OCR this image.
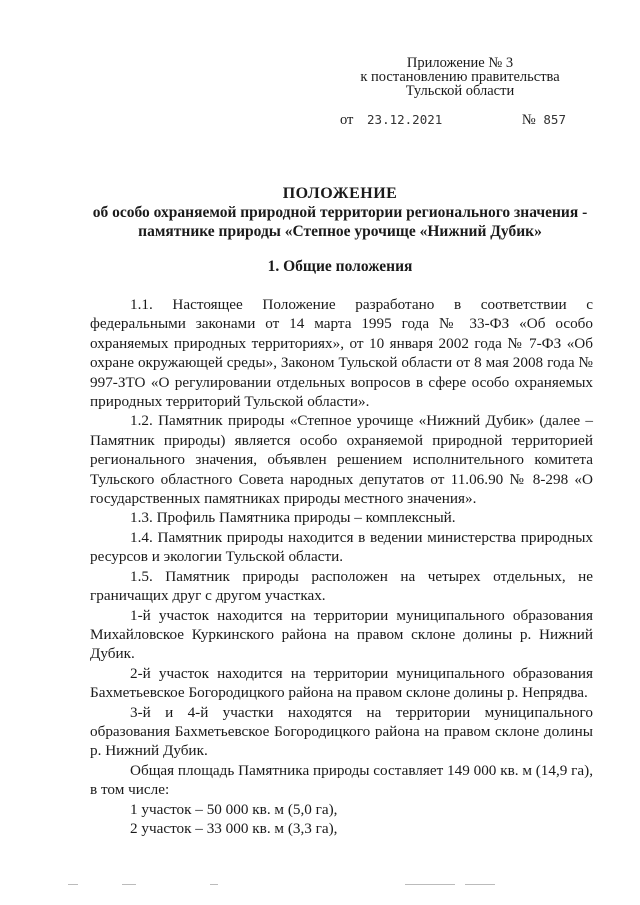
Приложение № 3
к постановлению правительства
Тульской области
от 23.12.2021	№ 857
ПОЛОЖЕНИЕ
об особо охраняемой природной территории регионального значения -
памятнике природы «Степное урочище «Нижний Дубик»
1. Общие положения

1.1. Настоящее Положение разработано в соответствии с федеральными законами от 14 марта 1995 года № 33-ФЗ «Об особо охраняемых природных территориях», от 10 января 2002 года № 7-ФЗ «Об охране окружающей среды», Законом Тульской области от 8 мая 2008 года № 997-ЗТО «О регулировании отдельных вопросов в сфере особо охраняемых природных территорий Тульской области».

1.2. Памятник природы «Степное урочище «Нижний Дубик» (далее – Памятник природы) является особо охраняемой природной территорией регионального значения, объявлен решением исполнительного комитета Тульского областного Совета народных депутатов от 11.06.90 № 8-298 «О государственных памятниках природы местного значения».

1.3. Профиль Памятника природы – комплексный.

1.4. Памятник природы находится в ведении министерства природных ресурсов и экологии Тульской области.

1.5. Памятник природы расположен на четырех отдельных, не граничащих друг с другом участках.

1-й участок находится на территории муниципального образования Михайловское Куркинского района на правом склоне долины р. Нижний Дубик.

2-й участок находится на территории муниципального образования Бахметьевское Богородицкого района на правом склоне долины р. Непрядва.

3-й и 4-й участки находятся на территории муниципального образования Бахметьевское Богородицкого района на правом склоне долины р. Нижний Дубик.

Общая площадь Памятника природы составляет 149 000 кв. м (14,9 га), в том числе:

1 участок – 50 000 кв. м (5,0 га),

2 участок – 33 000 кв. м (3,3 га),
